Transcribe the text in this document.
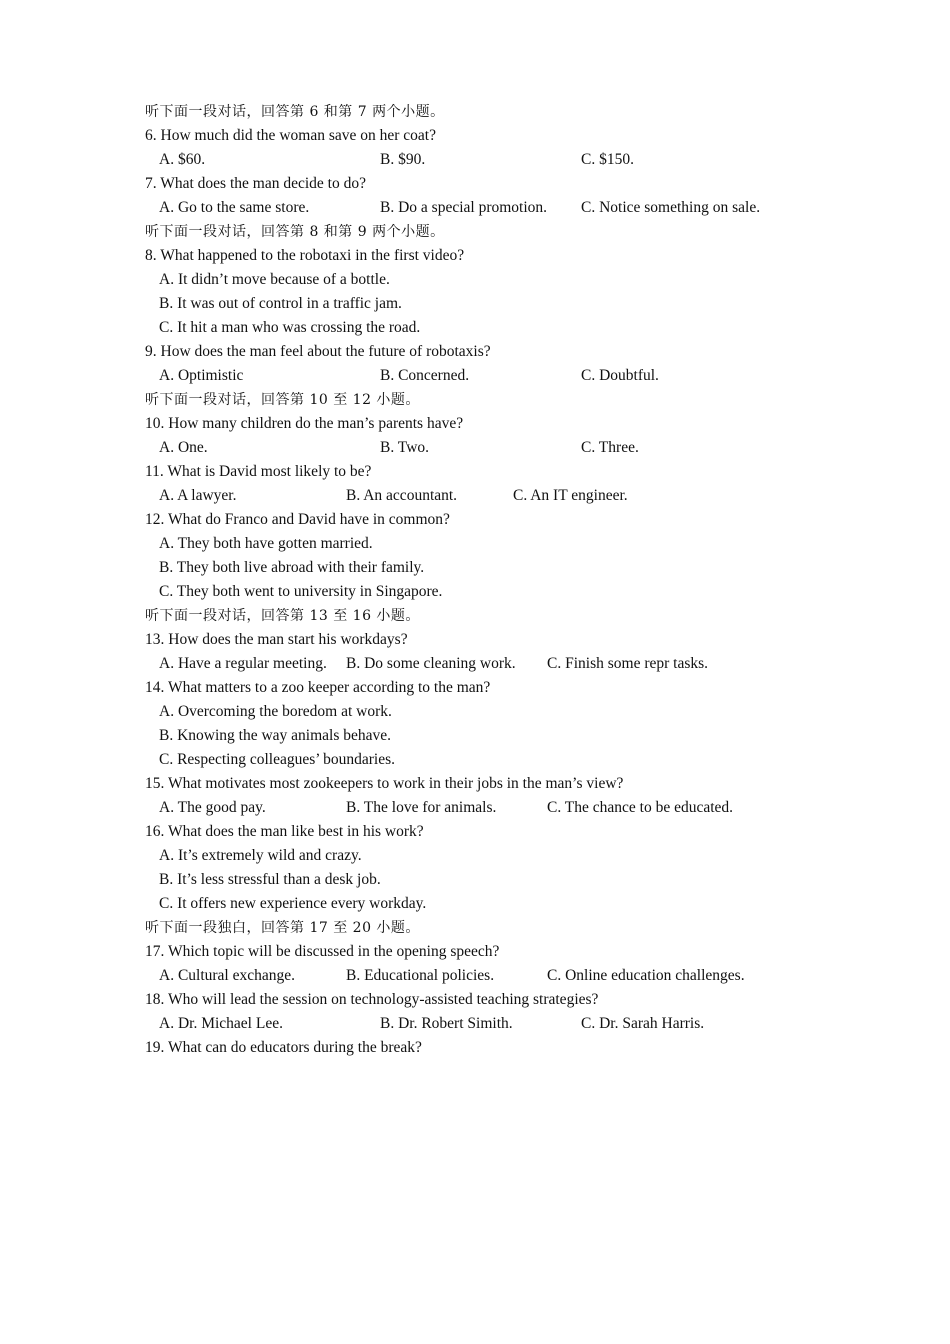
听下面一段对话，回答第 6 和第 7 两个小题。
6. How much did the woman save on her coat?
A. $60.	B. $90.	C. $150.
7. What does the man decide to do?
A. Go to the same store.	B. Do a special promotion. C. Notice something on sale.
听下面一段对话，回答第 8 和第 9 两个小题。
8. What happened to the robotaxi in the first video?
A. It didn’t move because of a bottle.
B. It was out of control in a traffic jam.
C. It hit a man who was crossing the road.
9. How does the man feel about the future of robotaxis?
A. Optimistic	B. Concerned.	C. Doubtful.
听下面一段对话，回答第 10 至 12 小题。
10. How many children do the man’s parents have?
A. One.	B. Two.	C. Three.
11. What is David most likely to be?
A. A lawyer.	B. An accountant.	C. An IT engineer.
12. What do Franco and David have in common?
A. They both have gotten married.
B. They both live abroad with their family.
C. They both went to university in Singapore.
听下面一段对话，回答第 13 至 16 小题。
13. How does the man start his workdays?
A. Have a regular meeting. B. Do some cleaning work. C. Finish some repr tasks.
14. What matters to a zoo keeper according to the man?
A. Overcoming the boredom at work.
B. Knowing the way animals behave.
C. Respecting colleagues’ boundaries.
15. What motivates most zookeepers to work in their jobs in the man’s view?
A. The good pay.	B. The love for animals.	C. The chance to be educated.
16. What does the man like best in his work?
A. It’s extremely wild and crazy.
B. It’s less stressful than a desk job.
C. It offers new experience every workday.
听下面一段独白，回答第 17 至 20 小题。
17. Which topic will be discussed in the opening speech?
A. Cultural exchange.	B. Educational policies.	C. Online education challenges.
18. Who will lead the session on technology-assisted teaching strategies?
A. Dr. Michael Lee.	B. Dr. Robert Simith.	C. Dr. Sarah Harris.
19. What can do educators during the break?
